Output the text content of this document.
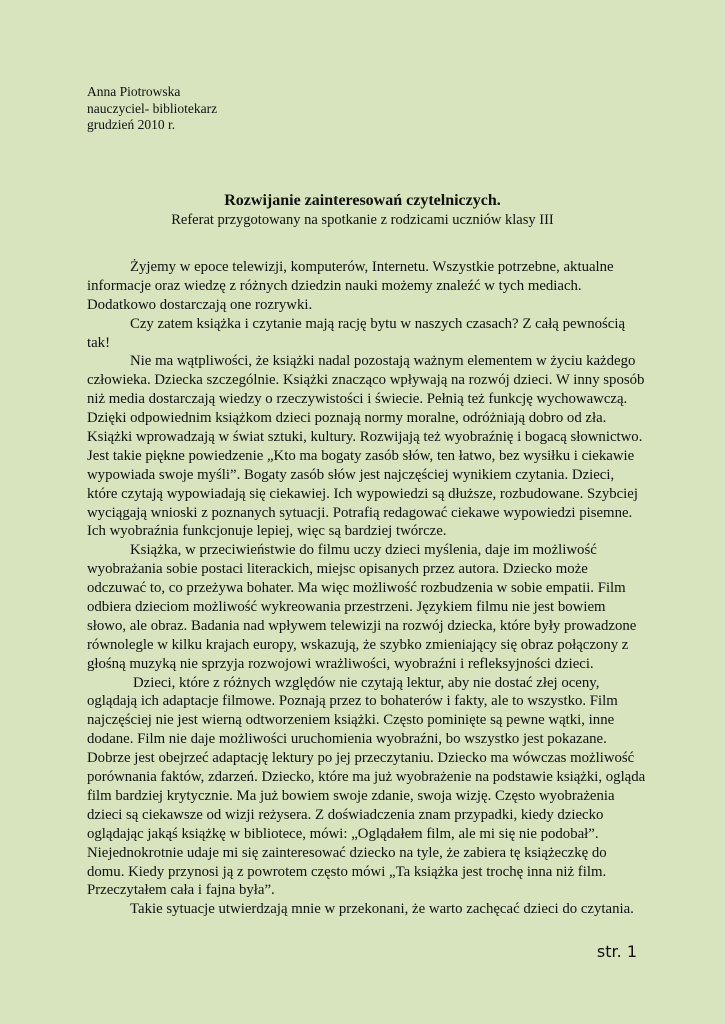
Anna Piotrowska
nauczyciel- bibliotekarz
grudzień 2010 r.
Rozwijanie zainteresowań czytelniczych.
Referat przygotowany na spotkanie z rodzicami uczniów klasy III
Żyjemy w epoce telewizji, komputerów, Internetu. Wszystkie potrzebne, aktualne
informacje oraz wiedzę z różnych dziedzin nauki możemy znaleźć w tych mediach.
Dodatkowo dostarczają one rozrywki.
Czy zatem książka i czytanie mają rację bytu w naszych czasach? Z całą pewnością
tak!
Nie ma wątpliwości, że książki nadal pozostają ważnym elementem w życiu każdego
człowieka. Dziecka szczególnie. Książki znacząco wpływają na rozwój dzieci. W inny sposób
niż media dostarczają wiedzy o rzeczywistości i świecie. Pełnią też funkcję wychowawczą.
Dzięki odpowiednim książkom dzieci poznają normy moralne, odróżniają dobro od zła.
Książki wprowadzają w świat sztuki, kultury. Rozwijają też wyobraźnię i bogacą słownictwo.
Jest takie piękne powiedzenie „Kto ma bogaty zasób słów, ten łatwo, bez wysiłku i ciekawie
wypowiada swoje myśli”. Bogaty zasób słów jest najczęściej wynikiem czytania. Dzieci,
które czytają wypowiadają się ciekawiej. Ich wypowiedzi są dłuższe, rozbudowane. Szybciej
wyciągają wnioski z poznanych sytuacji. Potrafią redagować ciekawe wypowiedzi pisemne.
Ich wyobraźnia funkcjonuje lepiej, więc są bardziej twórcze.
Książka, w przeciwieństwie do filmu uczy dzieci myślenia, daje im możliwość
wyobrażania sobie postaci literackich, miejsc opisanych przez autora. Dziecko może
odczuwać to, co przeżywa bohater. Ma więc możliwość rozbudzenia w sobie empatii. Film
odbiera dzieciom możliwość wykreowania przestrzeni. Językiem filmu nie jest bowiem
słowo, ale obraz. Badania nad wpływem telewizji na rozwój dziecka, które były prowadzone
równolegle w kilku krajach europy, wskazują, że szybko zmieniający się obraz połączony z
głośną muzyką nie sprzyja rozwojowi wrażliwości, wyobraźni i refleksyjności dzieci.
Dzieci, które z różnych względów nie czytają lektur, aby nie dostać złej oceny,
oglądają ich adaptacje filmowe. Poznają przez to bohaterów i fakty, ale to wszystko. Film
najczęściej nie jest wierną odtworzeniem książki. Często pominięte są pewne wątki, inne
dodane. Film nie daje możliwości uruchomienia wyobraźni, bo wszystko jest pokazane.
Dobrze jest obejrzeć adaptację lektury po jej przeczytaniu. Dziecko ma wówczas możliwość
porównania faktów, zdarzeń. Dziecko, które ma już wyobrażenie na podstawie książki, ogląda
film bardziej krytycznie. Ma już bowiem swoje zdanie, swoja wizję. Często wyobrażenia
dzieci są ciekawsze od wizji reżysera. Z doświadczenia znam przypadki, kiedy dziecko
oglądając jakąś książkę w bibliotece, mówi: „Oglądałem film, ale mi się nie podobał”.
Niejednokrotnie udaje mi się zainteresować dziecko na tyle, że zabiera tę książeczkę do
domu. Kiedy przynosi ją z powrotem często mówi „Ta książka jest trochę inna niż film.
Przeczytałem cała i fajna była”.
Takie sytuacje utwierdzają mnie w przekonani, że warto zachęcać dzieci do czytania.
str. 1
